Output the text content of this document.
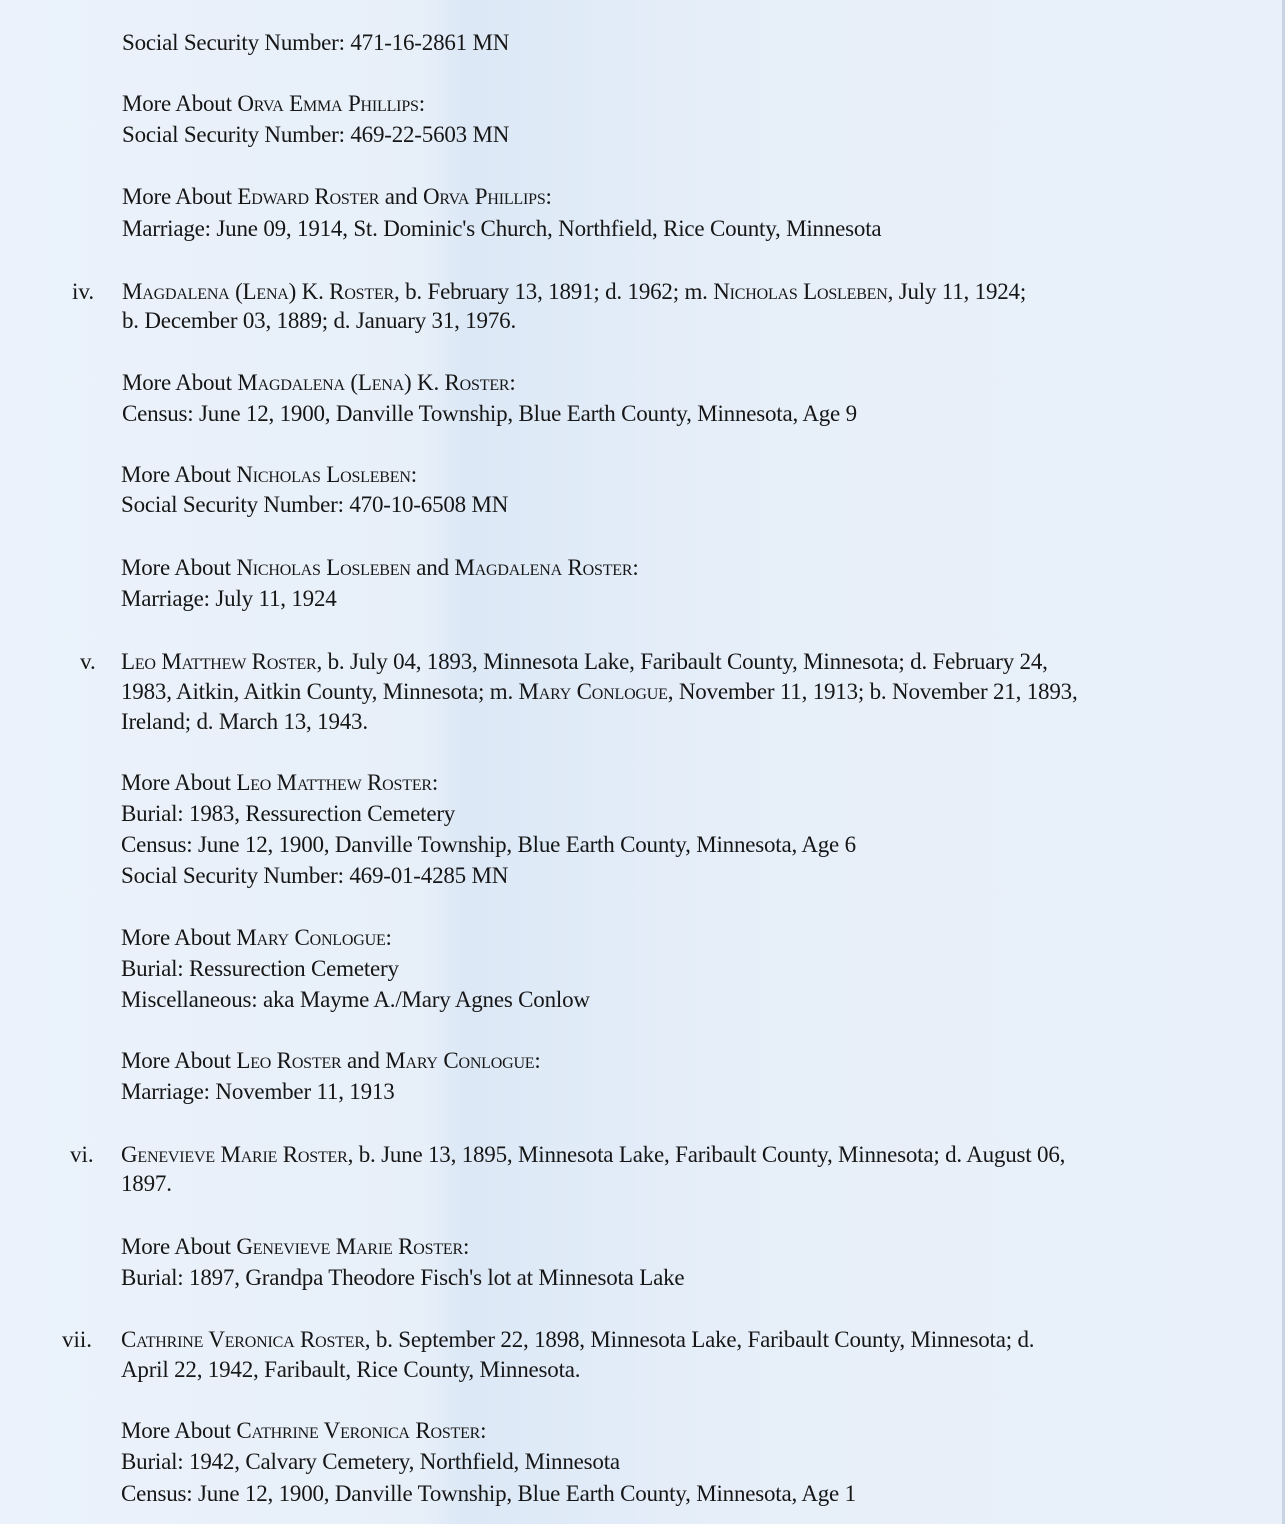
iv.

v.

vi.

vii.

Social Security Number: 471-16-2861 MN

More About Orva Emma Phillips:

Social Security Number: 469-22-5603 MN

More About Edward Roster and Orva Phillips:

Marriage: June 09, 1914, St. Dominic's Church, Northfield, Rice County, Minnesota

Magdalena (Lena) K. Roster, b. February 13, 1891; d. 1962; m. Nicholas Losleben, July 11, 1924;

b. December 03, 1889; d. January 31, 1976.

More About Magdalena (Lena) K. Roster:

Census: June 12, 1900, Danville Township, Blue Earth County, Minnesota, Age 9

More About Nicholas Losleben:

Social Security Number: 470-10-6508 MN

More About Nicholas Losleben and Magdalena Roster:

Marriage: July 11, 1924

Leo Matthew Roster, b. July 04, 1893, Minnesota Lake, Faribault County, Minnesota; d. February 24,

1983, Aitkin, Aitkin County, Minnesota; m. Mary Conlogue, November 11, 1913; b. November 21, 1893,

Ireland; d. March 13, 1943.

More About Leo Matthew Roster:

Burial: 1983, Ressurection Cemetery

Census: June 12, 1900, Danville Township, Blue Earth County, Minnesota, Age 6

Social Security Number: 469-01-4285 MN

More About Mary Conlogue:

Burial: Ressurection Cemetery

Miscellaneous: aka Mayme A./Mary Agnes Conlow

More About Leo Roster and Mary Conlogue:

Marriage: November 11, 1913

Genevieve Marie Roster, b. June 13, 1895, Minnesota Lake, Faribault County, Minnesota; d. August 06,

1897.

More About Genevieve Marie Roster:

Burial: 1897, Grandpa Theodore Fisch's lot at Minnesota Lake

Cathrine Veronica Roster, b. September 22, 1898, Minnesota Lake, Faribault County, Minnesota; d.

April 22, 1942, Faribault, Rice County, Minnesota.

More About Cathrine Veronica Roster:

Burial: 1942, Calvary Cemetery, Northfield, Minnesota

Census: June 12, 1900, Danville Township, Blue Earth County, Minnesota, Age 1
